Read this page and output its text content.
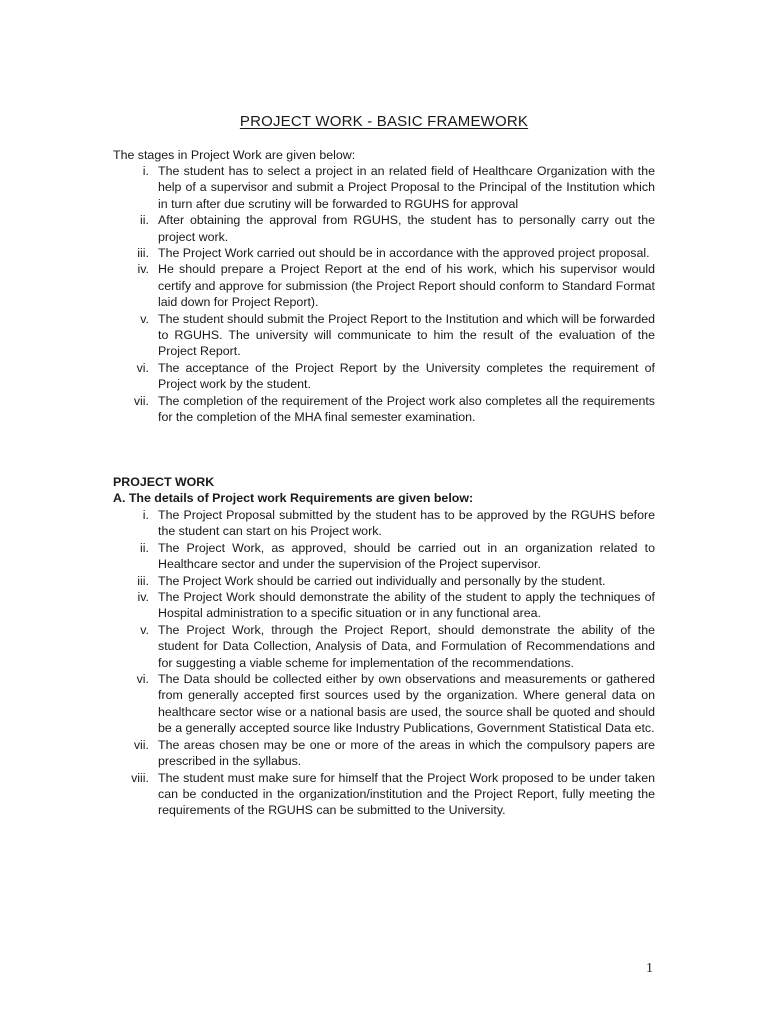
PROJECT WORK - BASIC FRAMEWORK
The stages in Project Work are given below:
i. The student has to select a project in an related field of Healthcare Organization with the help of a supervisor and submit a Project Proposal to the Principal of the Institution which in turn after due scrutiny will be forwarded to RGUHS for approval
ii. After obtaining the approval from RGUHS, the student has to personally carry out the project work.
iii. The Project Work carried out should be in accordance with the approved project proposal.
iv. He should prepare a Project Report at the end of his work, which his supervisor would certify and approve for submission (the Project Report should conform to Standard Format laid down for Project Report).
v. The student should submit the Project Report to the Institution and which will be forwarded to RGUHS. The university will communicate to him the result of the evaluation of the Project Report.
vi. The acceptance of the Project Report by the University completes the requirement of Project work by the student.
vii. The completion of the requirement of the Project work also completes all the requirements for the completion of the MHA final semester examination.
PROJECT WORK
A. The details of Project work Requirements are given below:
i. The Project Proposal submitted by the student has to be approved by the RGUHS before the student can start on his Project work.
ii. The Project Work, as approved, should be carried out in an organization related to Healthcare sector and under the supervision of the Project supervisor.
iii. The Project Work should be carried out individually and personally by the student.
iv. The Project Work should demonstrate the ability of the student to apply the techniques of Hospital administration to a specific situation or in any functional area.
v. The Project Work, through the Project Report, should demonstrate the ability of the student for Data Collection, Analysis of Data, and Formulation of Recommendations and for suggesting a viable scheme for implementation of the recommendations.
vi. The Data should be collected either by own observations and measurements or gathered from generally accepted first sources used by the organization. Where general data on healthcare sector wise or a national basis are used, the source shall be quoted and should be a generally accepted source like Industry Publications, Government Statistical Data etc.
vii. The areas chosen may be one or more of the areas in which the compulsory papers are prescribed in the syllabus.
viii. The student must make sure for himself that the Project Work proposed to be under taken can be conducted in the organization/institution and the Project Report, fully meeting the requirements of the RGUHS can be submitted to the University.
1
